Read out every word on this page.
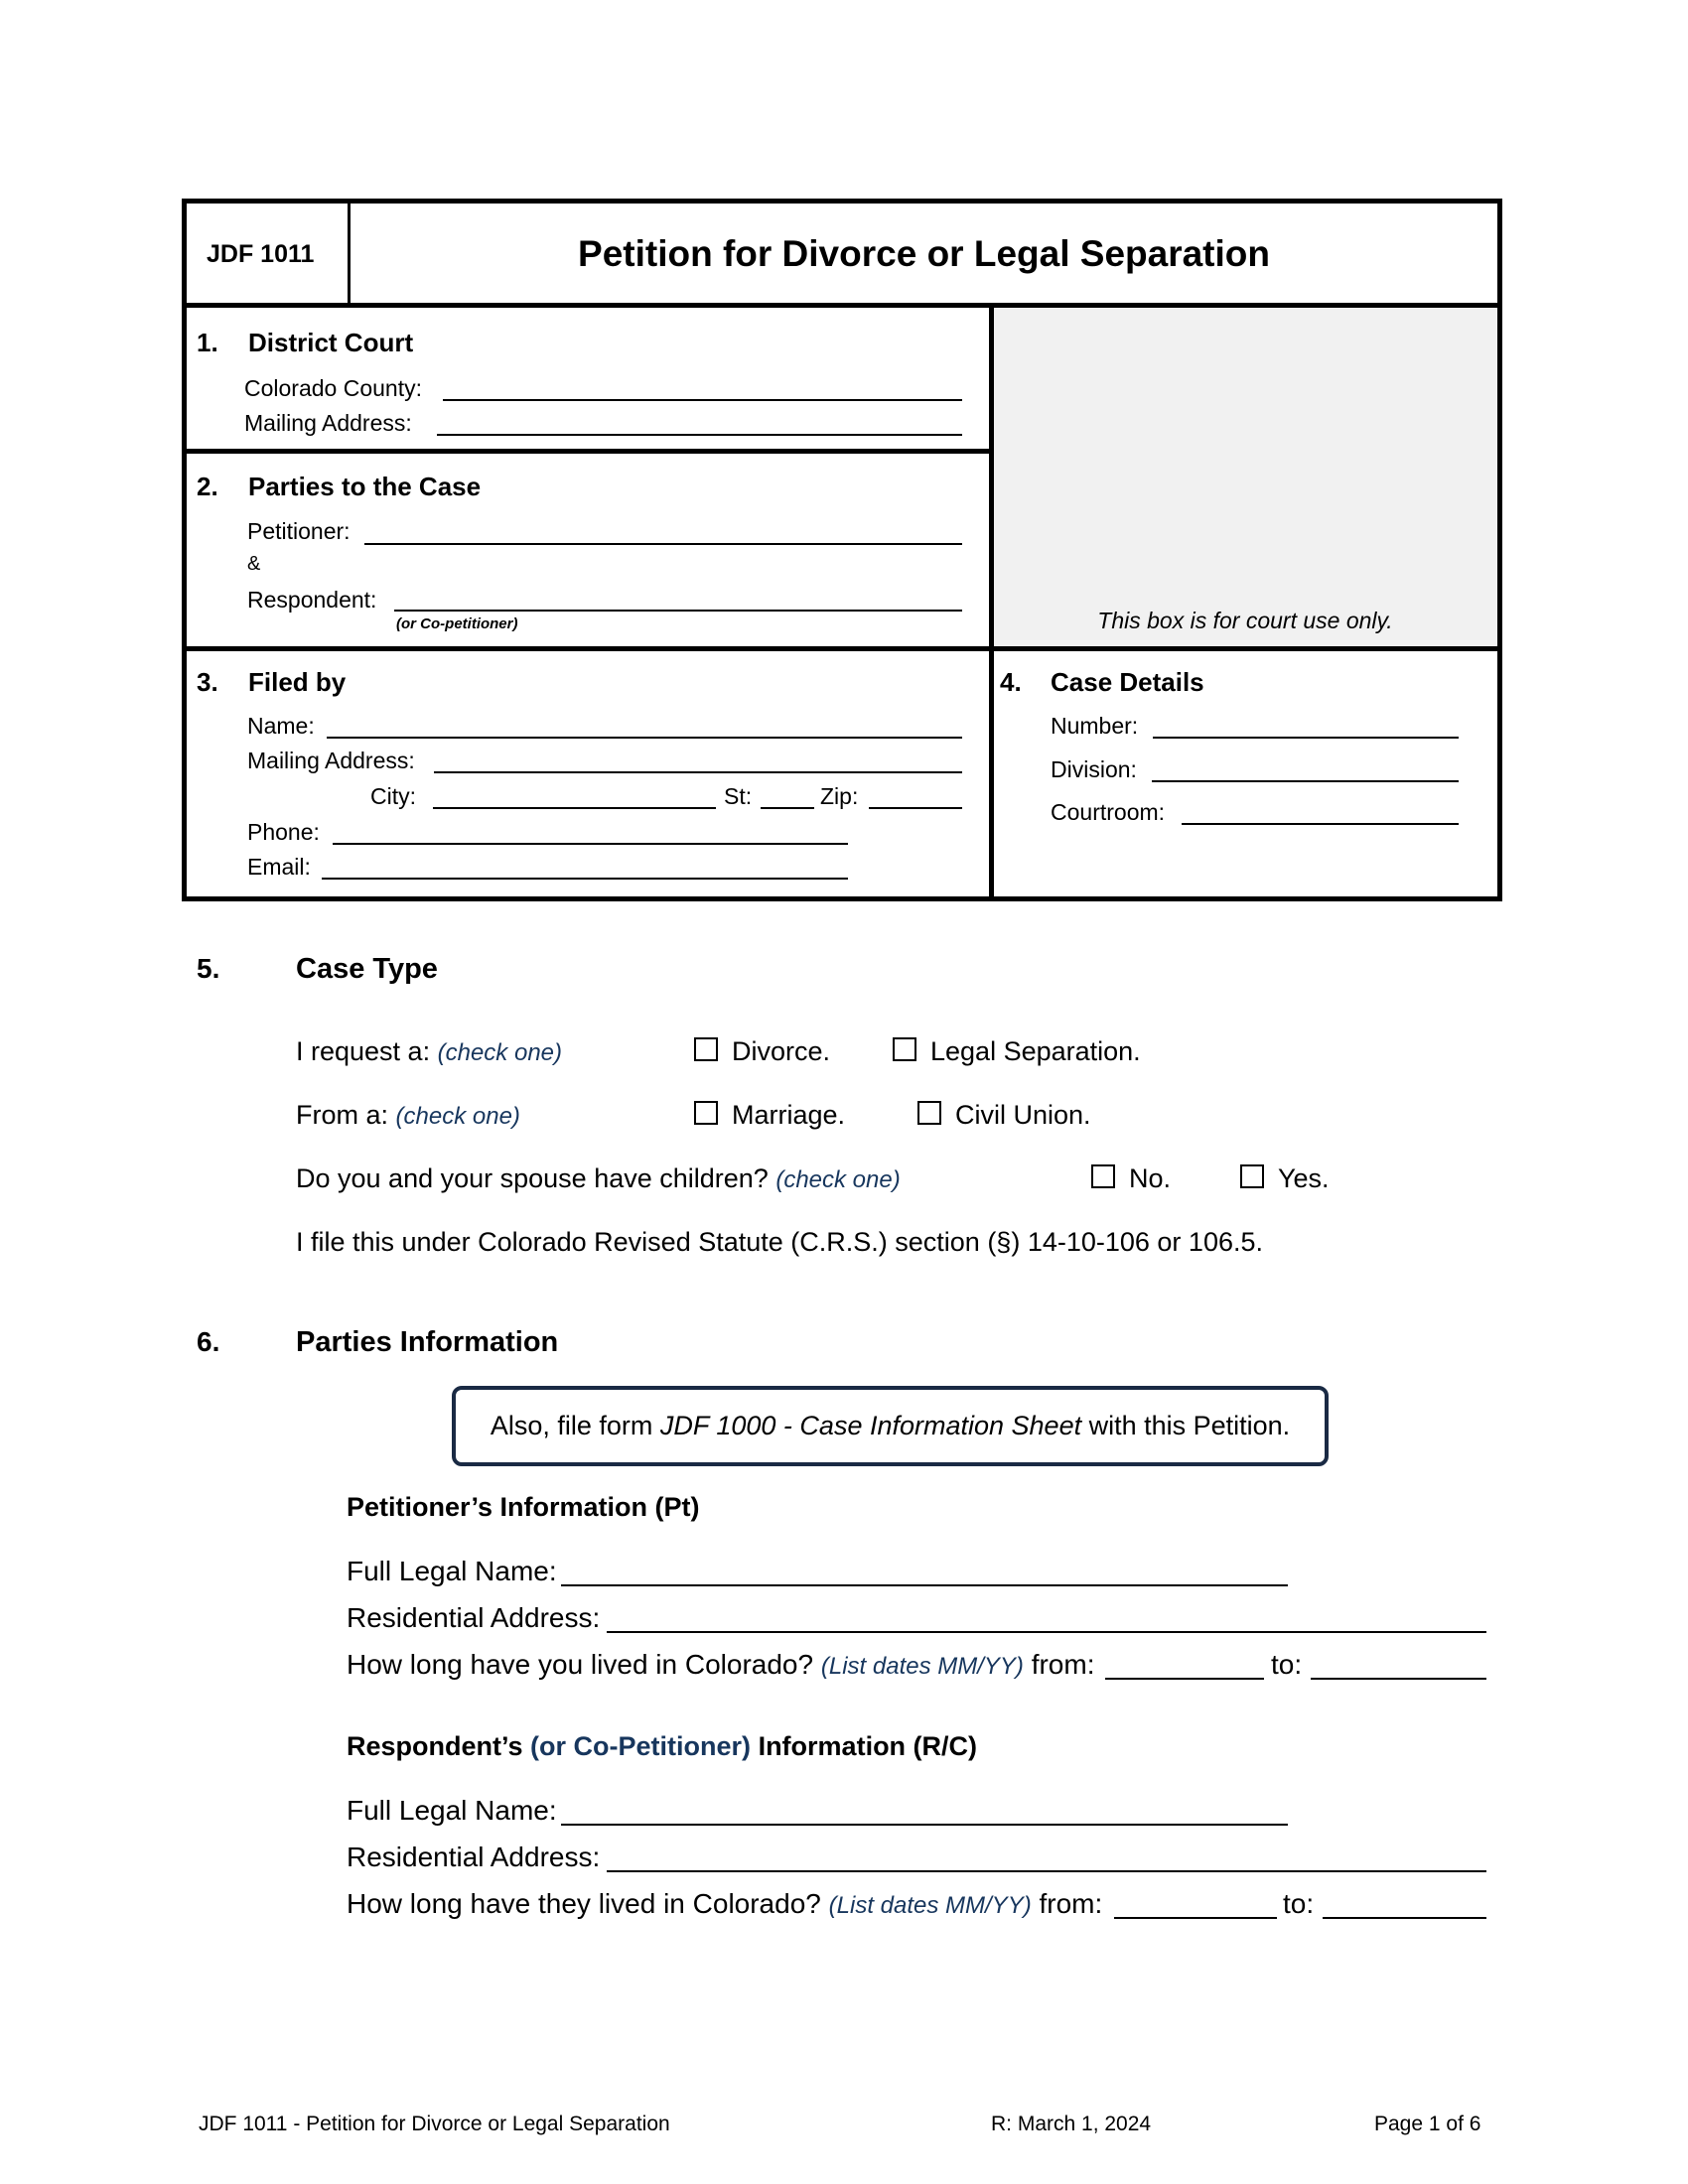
JDF 1011	Petition for Divorce or Legal Separation
1. District Court
Colorado County:
Mailing Address:
2. Parties to the Case
Petitioner:
&
Respondent:
(or Co-petitioner)	This box is for court use only.
3. Filed by
Name:
Mailing Address:
City:	St:	Zip:
Phone:
Email:
4. Case Details
Number:
Division:
Courtroom:
5.	Case Type
I request a: (check one)	Divorce.	Legal Separation.
From a: (check one)	Marriage.	Civil Union.
Do you and your spouse have children? (check one)	No.	Yes.
I file this under Colorado Revised Statute (C.R.S.) section (§) 14-10-106 or 106.5.
6.	Parties Information
Also, file form JDF 1000 - Case Information Sheet with this Petition.
Petitioner’s Information (Pt)
Full Legal Name:
Residential Address:
How long have you lived in Colorado? (List dates MM/YY) from:	to:
Respondent’s (or Co-Petitioner) Information (R/C)
Full Legal Name:
Residential Address:
How long have they lived in Colorado? (List dates MM/YY) from:	to:
JDF 1011 - Petition for Divorce or Legal Separation	R: March 1, 2024	Page 1 of 6
